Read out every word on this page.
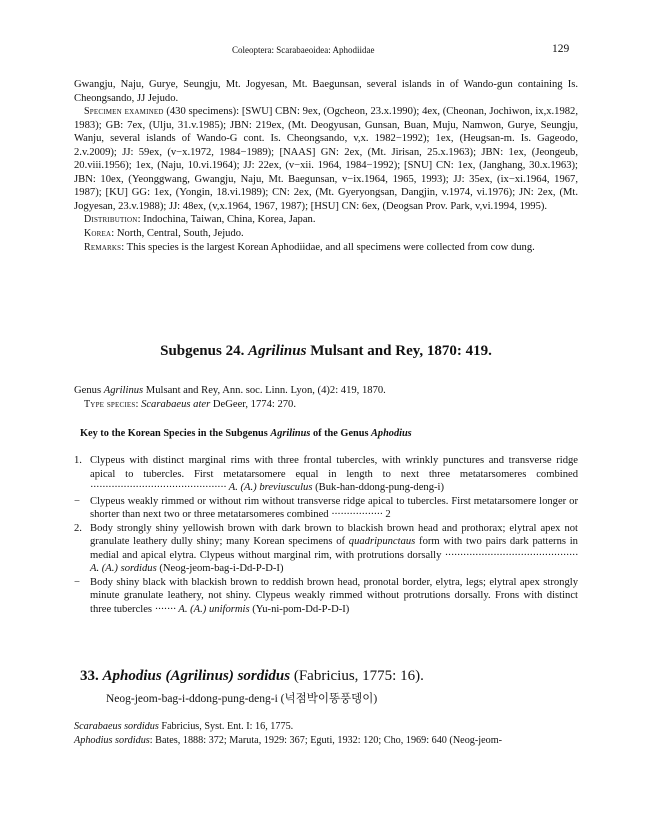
Coleoptera: Scarabaeoidea: Aphodiidae	129

Gwangju, Naju, Gurye, Seungju, Mt. Jogyesan, Mt. Baegunsan, several islands in of Wando-gun containing Is. Cheongsando, JJ Jejudo.

Specimen examined (430 specimens): [SWU] CBN: 9ex, (Ogcheon, 23.x.1990); 4ex, (Cheonan, Jochiwon, ix,x.1982, 1983); GB: 7ex, (Ulju, 31.v.1985); JBN: 219ex, (Mt. Deogyusan, Gunsan, Buan, Muju, Namwon, Gurye, Seungju, Wanju, several islands of Wando-G cont. Is. Cheongsando, v,x. 1982−1992); 1ex, (Heugsan-m. Is. Gageodo, 2.v.2009); JJ: 59ex, (v−x.1972, 1984−1989); [NAAS] GN: 2ex, (Mt. Jirisan, 25.x.1963); JBN: 1ex, (Jeongeub, 20.viii.1956); 1ex, (Naju, 10.vi.1964); JJ: 22ex, (v−xii. 1964, 1984−1992); [SNU] CN: 1ex, (Janghang, 30.x.1963); JBN: 10ex, (Yeonggwang, Gwangju, Naju, Mt. Baegunsan, v−ix.1964, 1965, 1993); JJ: 35ex, (ix−xi.1964, 1967, 1987); [KU] GG: 1ex, (Yongin, 18.vi.1989); CN: 2ex, (Mt. Gyeryongsan, Dangjin, v.1974, vi.1976); JN: 2ex, (Mt. Jogyesan, 23.v.1988); JJ: 48ex, (v,x.1964, 1967, 1987); [HSU] CN: 6ex, (Deogsan Prov. Park, v,vi.1994, 1995).

Distribution: Indochina, Taiwan, China, Korea, Japan.

Korea: North, Central, South, Jejudo.

Remarks: This species is the largest Korean Aphodiidae, and all specimens were collected from cow dung.

Subgenus 24. Agrilinus Mulsant and Rey, 1870: 419.
Genus Agrilinus Mulsant and Rey, Ann. soc. Linn. Lyon, (4)2: 419, 1870.
Type species: Scarabaeus ater DeGeer, 1774: 270.
Key to the Korean Species in the Subgenus Agrilinus of the Genus Aphodius
1. Clypeus with distinct marginal rims with three frontal tubercles, with wrinkly punctures and transverse ridge apical to tubercles. First metatarsomere equal in length to next three metatarsomeres combined ············································· A. (A.) breviusculus (Buk-han-ddong-pung-deng-i)
− Clypeus weakly rimmed or without rim without transverse ridge apical to tubercles. First metatarsomere longer or shorter than next two or three metatarsomeres combined ················· 2
2. Body strongly shiny yellowish brown with dark brown to blackish brown head and prothorax; elytral apex not granulate leathery dully shiny; many Korean specimens of quadripunctaus form with two pairs dark patterns in medial and apical elytra. Clypeus without marginal rim, with protrutions dorsally ············································ A. (A.) sordidus (Neog-jeom-bag-i-Dd-P-D-I)
− Body shiny black with blackish brown to reddish brown head, pronotal border, elytra, legs; elytral apex strongly minute granulate leathery, not shiny. Clypeus weakly rimmed without protrutions dorsally. Frons with distinct three tubercles ······· A. (A.) uniformis (Yu-ni-pom-Dd-P-D-I)
33. Aphodius (Agrilinus) sordidus (Fabricius, 1775: 16).
Neog-jeom-bag-i-ddong-pung-deng-i (넉점박이똥풍뎅이)
Scarabaeus sordidus Fabricius, Syst. Ent. I: 16, 1775.
Aphodius sordidus: Bates, 1888: 372; Maruta, 1929: 367; Eguti, 1932: 120; Cho, 1969: 640 (Neog-jeom-
